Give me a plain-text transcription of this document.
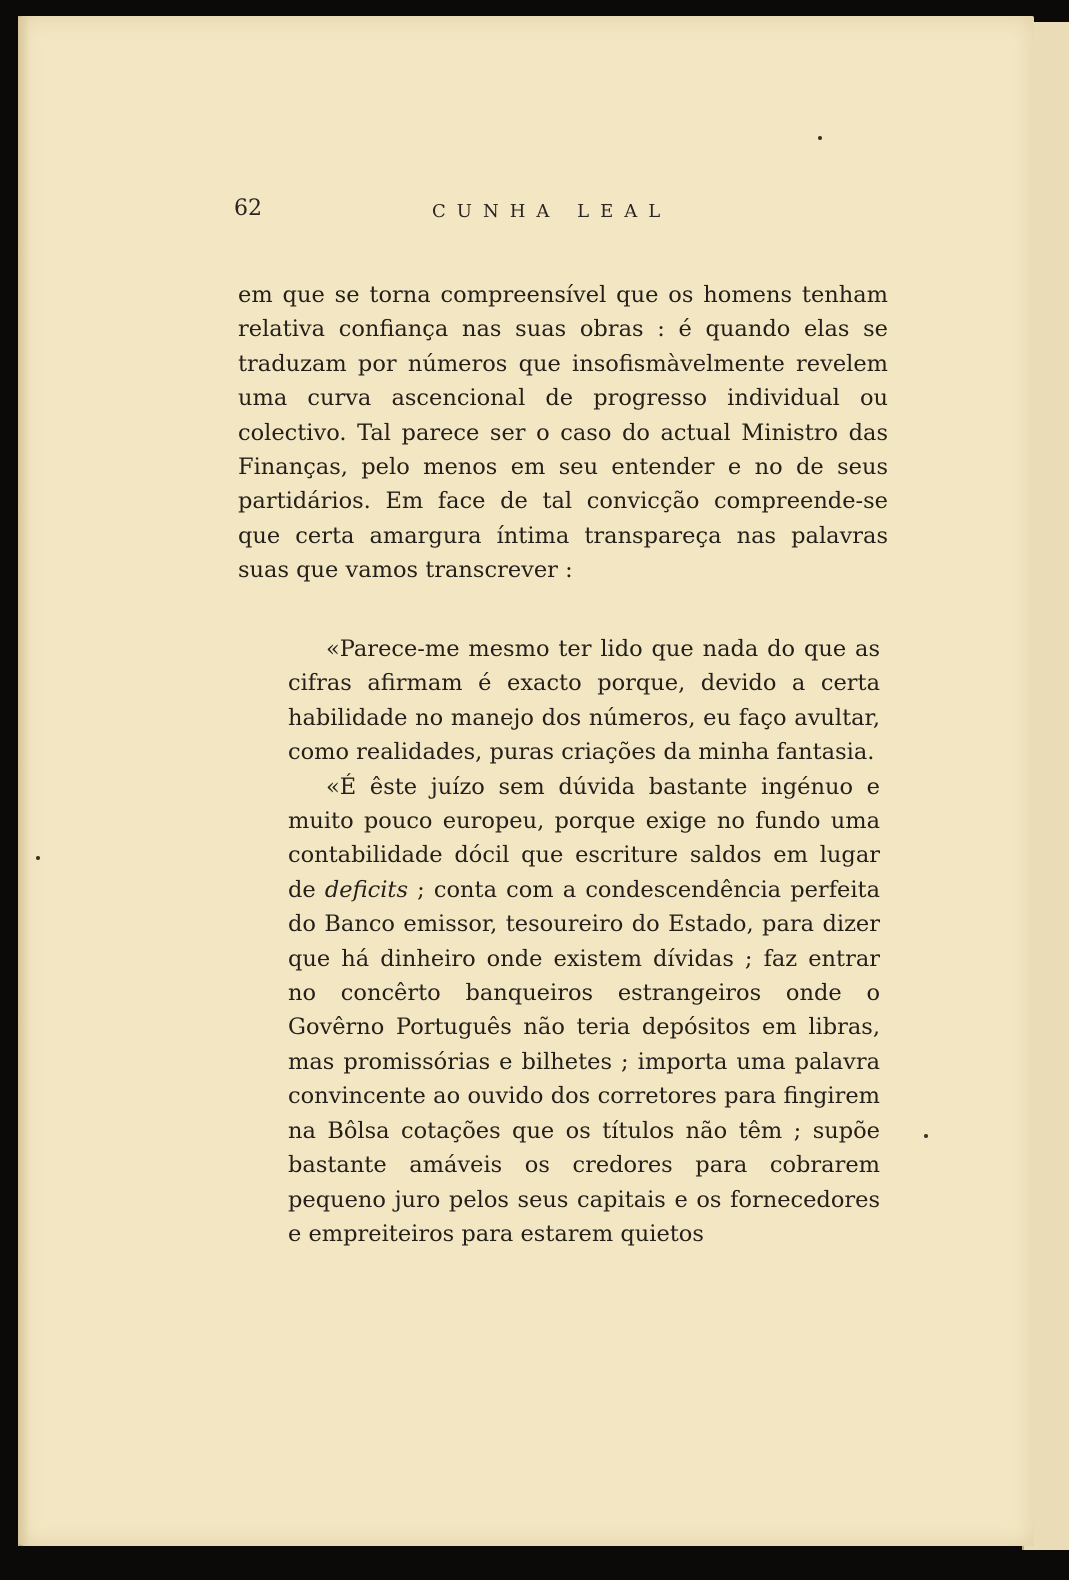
62	CUNHA LEAL

em que se torna compreensível que os homens tenham relativa confiança nas suas obras : é quando elas se traduzam por números que insofismàvelmente revelem uma curva ascencional de progresso individual ou colectivo. Tal parece ser o caso do actual Ministro das Finanças, pelo menos em seu entender e no de seus partidários. Em face de tal convicção compreende-se que certa amargura íntima transpareça nas palavras suas que vamos transcrever :

«Parece-me mesmo ter lido que nada do que as cifras afirmam é exacto porque, devido a certa habilidade no manejo dos números, eu faço avultar, como realidades, puras criações da minha fantasia.

«É êste juízo sem dúvida bastante ingénuo e muito pouco europeu, porque exige no fundo uma contabilidade dócil que escriture saldos em lugar de deficits ; conta com a condescendência perfeita do Banco emissor, tesoureiro do Estado, para dizer que há dinheiro onde existem dívidas ; faz entrar no concêrto banqueiros estrangeiros onde o Govêrno Português não teria depósitos em libras, mas promissórias e bilhetes ; importa uma palavra convincente ao ouvido dos corretores para fingirem na Bôlsa cotações que os títulos não têm ; supõe bastante amáveis os credores para cobrarem pequeno juro pelos seus capitais e os fornecedores e empreiteiros para estarem quietos
